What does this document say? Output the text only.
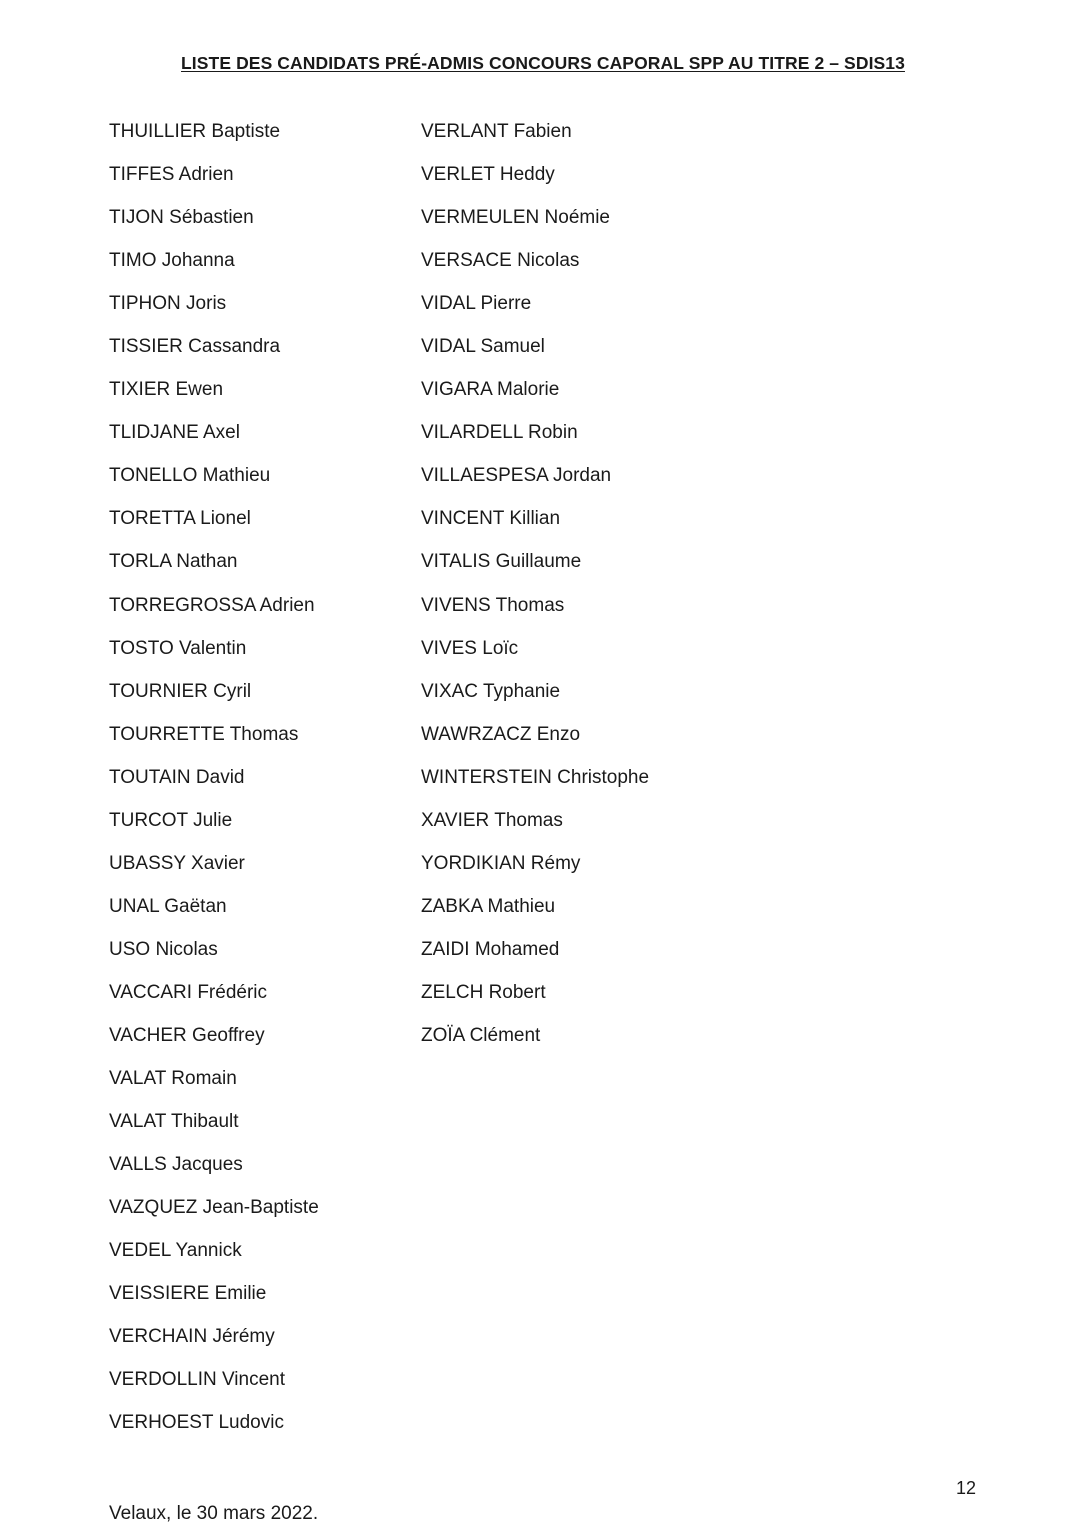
LISTE DES CANDIDATS PRÉ-ADMIS CONCOURS CAPORAL SPP AU TITRE 2 – SDIS13
THUILLIER Baptiste
TIFFES Adrien
TIJON Sébastien
TIMO Johanna
TIPHON Joris
TISSIER Cassandra
TIXIER Ewen
TLIDJANE Axel
TONELLO Mathieu
TORETTA Lionel
TORLA Nathan
TORREGROSSA Adrien
TOSTO Valentin
TOURNIER Cyril
TOURRETTE Thomas
TOUTAIN David
TURCOT Julie
UBASSY Xavier
UNAL Gaëtan
USO Nicolas
VACCARI Frédéric
VACHER Geoffrey
VALAT Romain
VALAT Thibault
VALLS Jacques
VAZQUEZ Jean-Baptiste
VEDEL Yannick
VEISSIERE Emilie
VERCHAIN Jérémy
VERDOLLIN Vincent
VERHOEST Ludovic
VERLANT Fabien
VERLET Heddy
VERMEULEN Noémie
VERSACE Nicolas
VIDAL Pierre
VIDAL Samuel
VIGARA Malorie
VILARDELL Robin
VILLAESPESA Jordan
VINCENT Killian
VITALIS Guillaume
VIVENS Thomas
VIVES Loïc
VIXAC Typhanie
WAWRZACZ Enzo
WINTERSTEIN Christophe
XAVIER Thomas
YORDIKIAN Rémy
ZABKA Mathieu
ZAIDI Mohamed
ZELCH Robert
ZOÏA Clément
12
Velaux, le 30 mars 2022.
